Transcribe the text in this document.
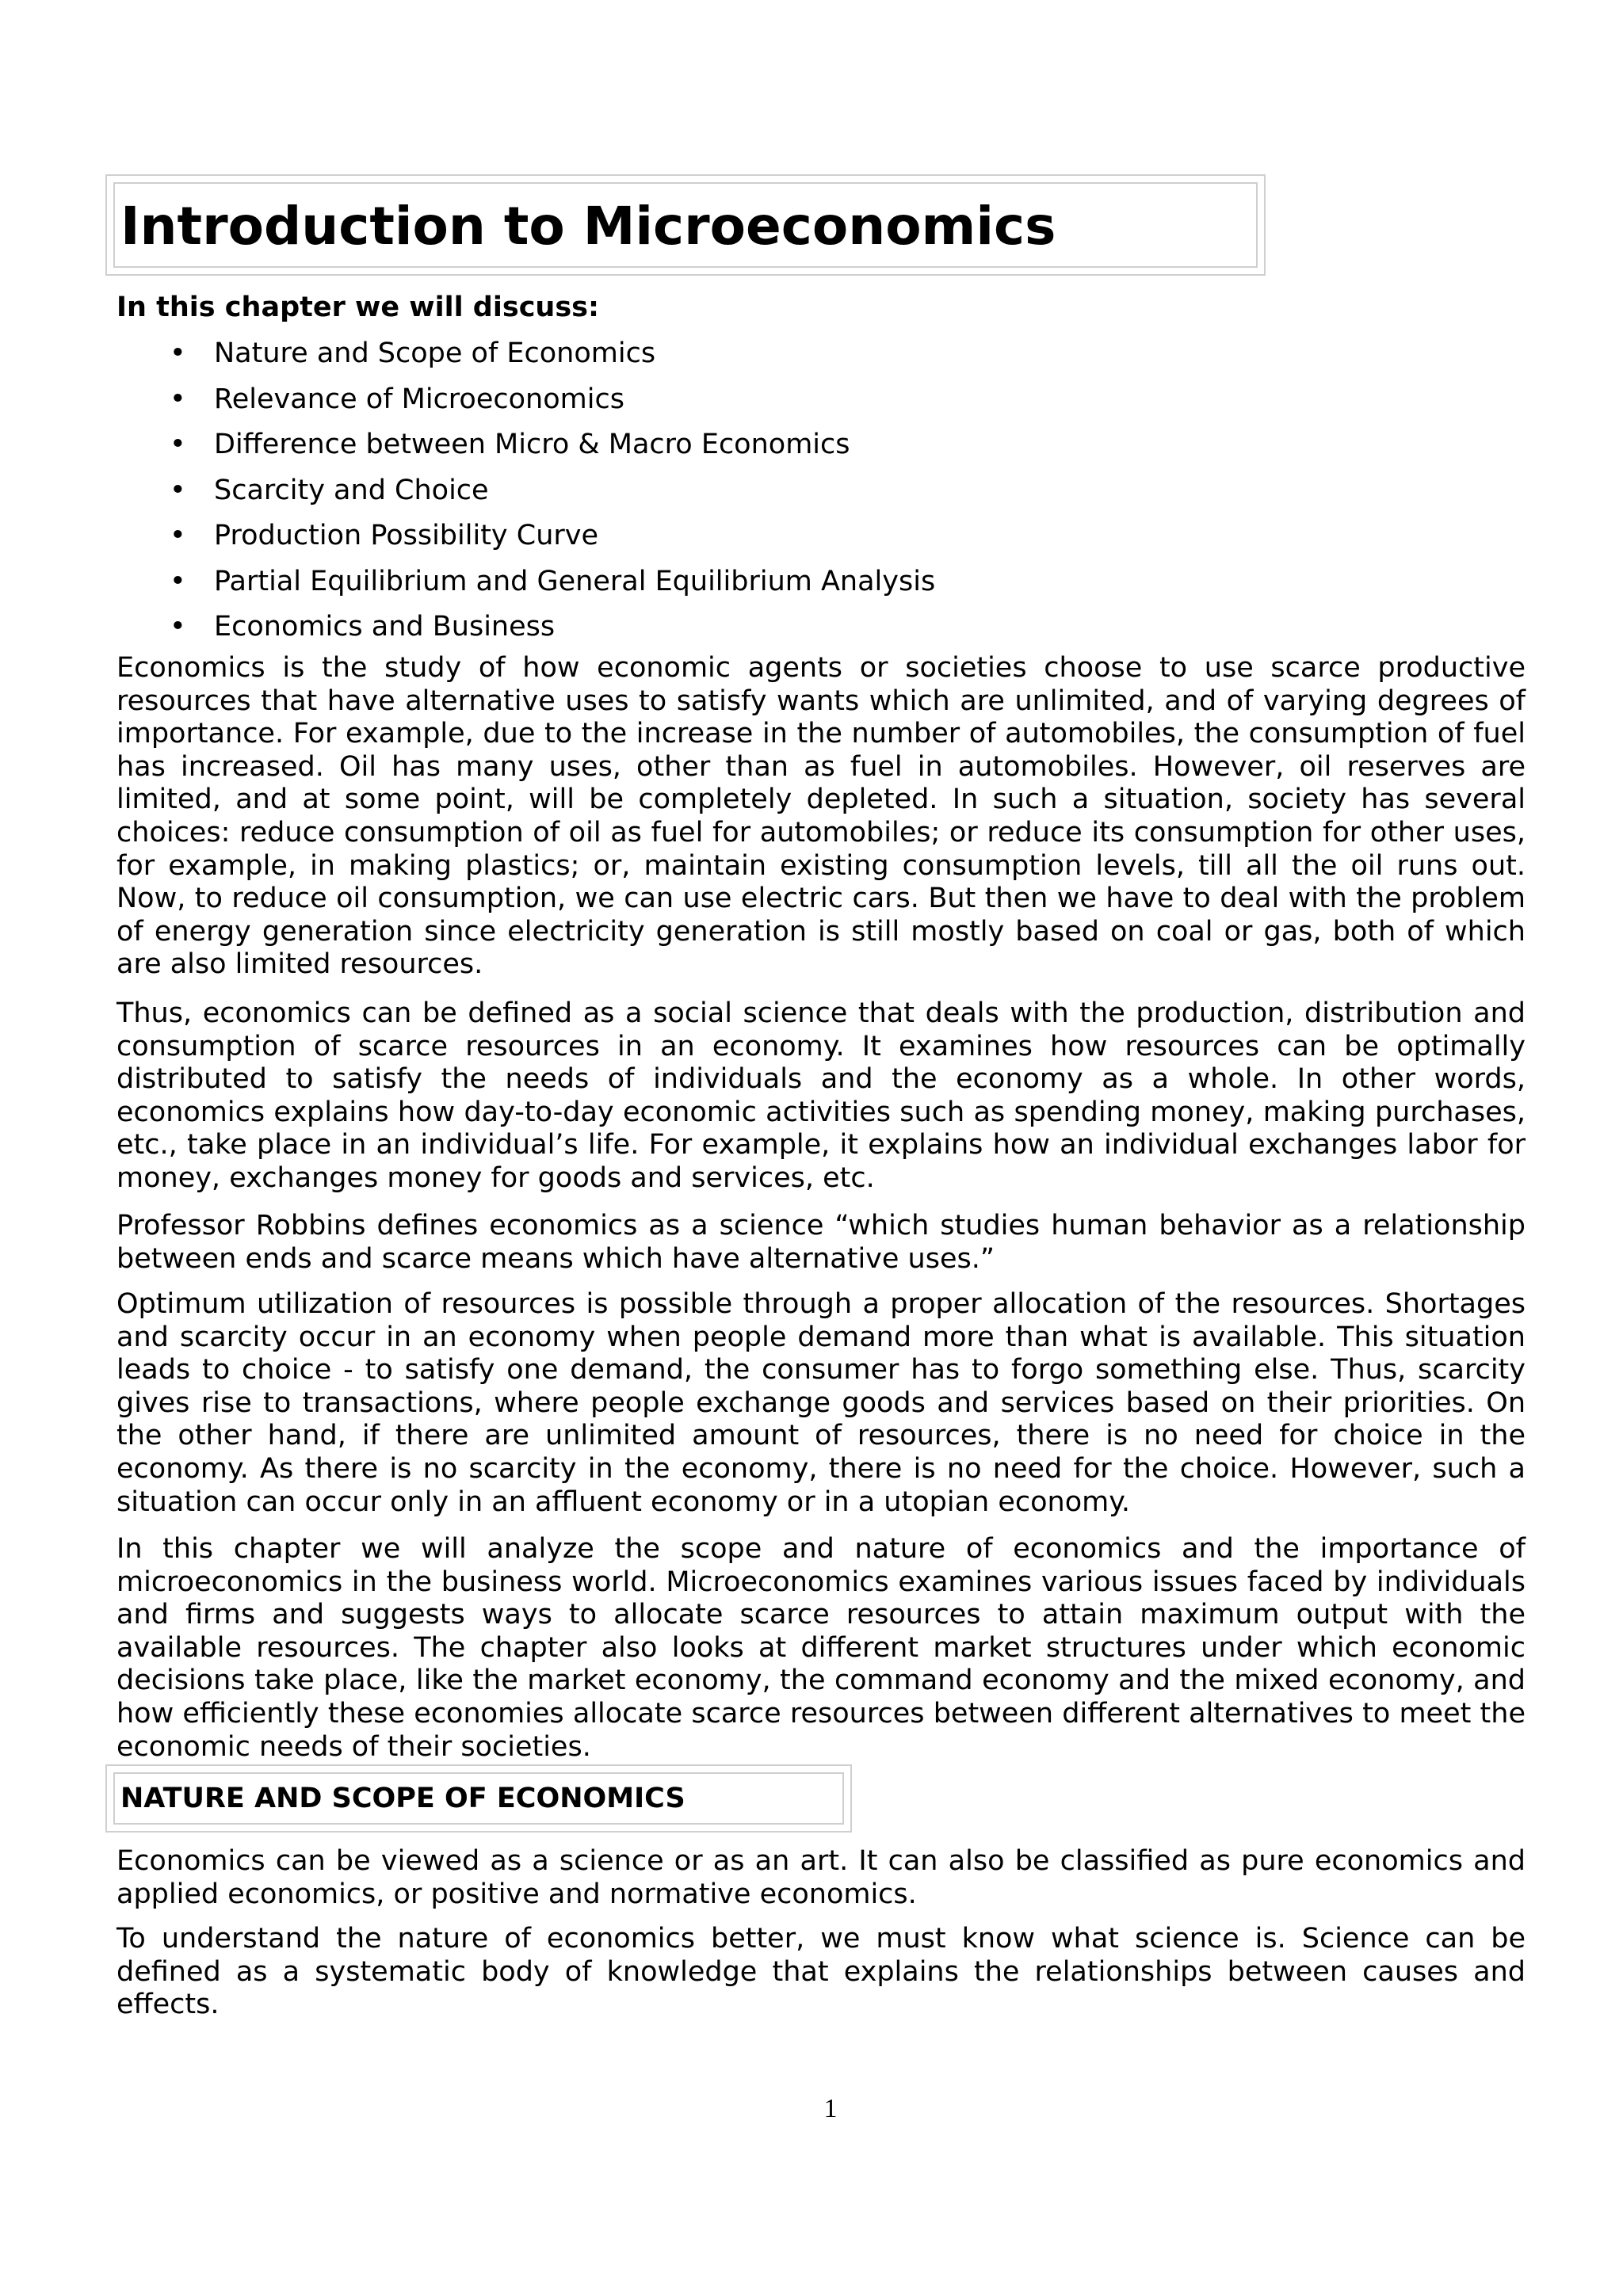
Introduction to Microeconomics

In this chapter we will discuss:

• Nature and Scope of Economics
• Relevance of Microeconomics
• Difference between Micro & Macro Economics
• Scarcity and Choice
• Production Possibility Curve
• Partial Equilibrium and General Equilibrium Analysis
• Economics and Business

Economics is the study of how economic agents or societies choose to use scarce productive resources that have alternative uses to satisfy wants which are unlimited, and of varying degrees of importance. For example, due to the increase in the number of automobiles, the consumption of fuel has increased. Oil has many uses, other than as fuel in automobiles. However, oil reserves are limited, and at some point, will be completely depleted. In such a situation, society has several choices: reduce consumption of oil as fuel for automobiles; or reduce its consumption for other uses, for example, in making plastics; or, maintain existing consumption levels, till all the oil runs out. Now, to reduce oil consumption, we can use electric cars. But then we have to deal with the problem of energy generation since electricity generation is still mostly based on coal or gas, both of which are also limited resources.

Thus, economics can be defined as a social science that deals with the production, distribution and consumption of scarce resources in an economy. It examines how resources can be optimally distributed to satisfy the needs of individuals and the economy as a whole. In other words, economics explains how day-to-day economic activities such as spending money, making purchases, etc., take place in an individual’s life. For example, it explains how an individual exchanges labor for money, exchanges money for goods and services, etc.

Professor Robbins defines economics as a science “which studies human behavior as a relationship between ends and scarce means which have alternative uses.”

Optimum utilization of resources is possible through a proper allocation of the resources. Shortages and scarcity occur in an economy when people demand more than what is available. This situation leads to choice - to satisfy one demand, the consumer has to forgo something else. Thus, scarcity gives rise to transactions, where people exchange goods and services based on their priorities. On the other hand, if there are unlimited amount of resources, there is no need for choice in the economy. As there is no scarcity in the economy, there is no need for the choice. However, such a situation can occur only in an affluent economy or in a utopian economy.

In this chapter we will analyze the scope and nature of economics and the importance of microeconomics in the business world. Microeconomics examines various issues faced by individuals and firms and suggests ways to allocate scarce resources to attain maximum output with the available resources. The chapter also looks at different market structures under which economic decisions take place, like the market economy, the command economy and the mixed economy, and how efficiently these economies allocate scarce resources between different alternatives to meet the economic needs of their societies.

NATURE AND SCOPE OF ECONOMICS

Economics can be viewed as a science or as an art. It can also be classified as pure economics and applied economics, or positive and normative economics.

To understand the nature of economics better, we must know what science is. Science can be defined as a systematic body of knowledge that explains the relationships between causes and effects.

1
